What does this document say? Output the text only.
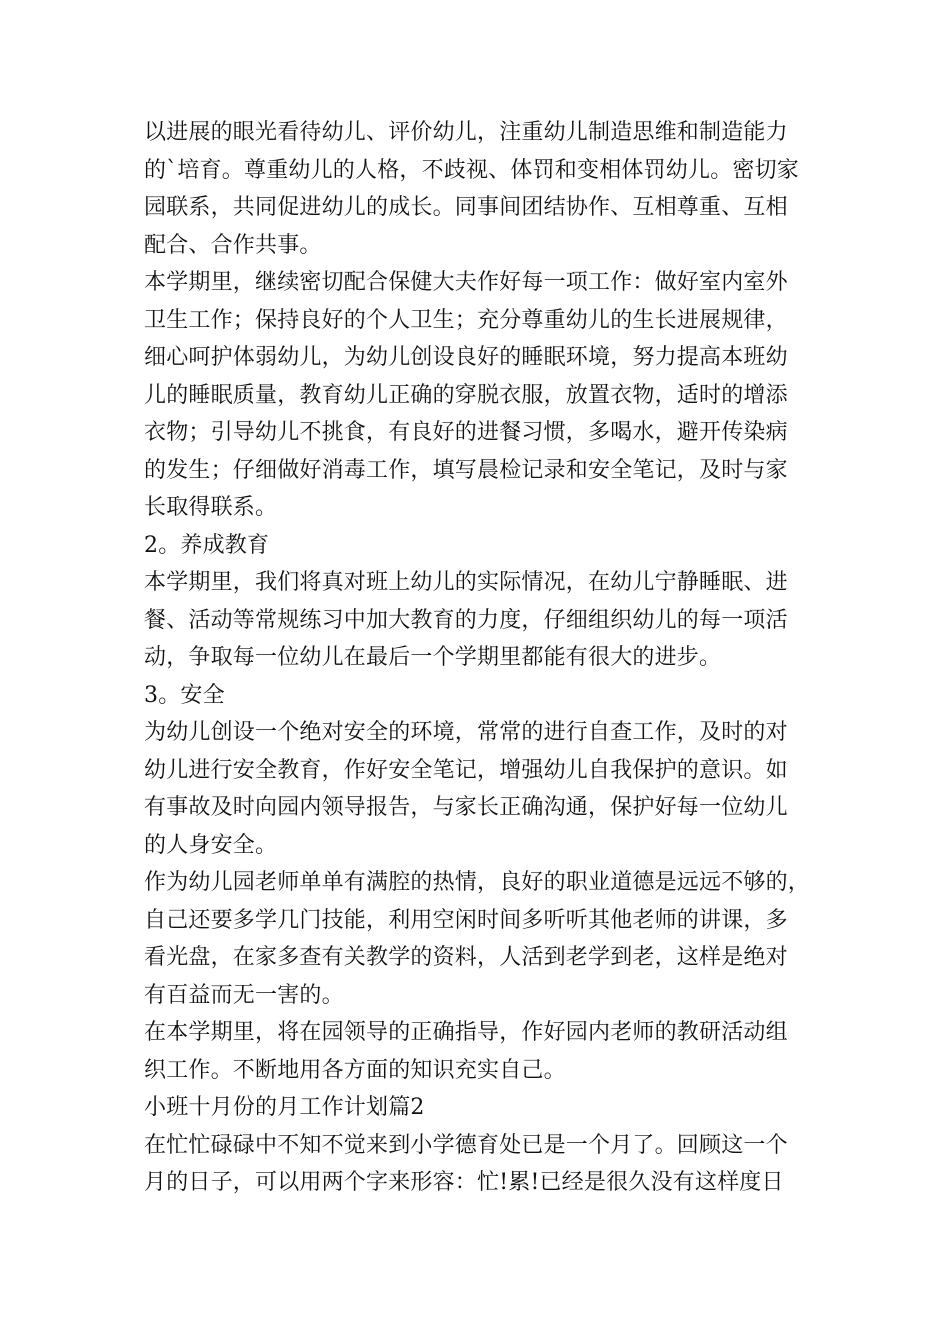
以进展的眼光看待幼儿、评价幼儿，注重幼儿制造思维和制造能力
的`培育。尊重幼儿的人格，不歧视、体罚和变相体罚幼儿。密切家
园联系，共同促进幼儿的成长。同事间团结协作、互相尊重、互相
配合、合作共事。
本学期里，继续密切配合保健大夫作好每一项工作：做好室内室外
卫生工作；保持良好的个人卫生；充分尊重幼儿的生长进展规律，
细心呵护体弱幼儿，为幼儿创设良好的睡眠环境，努力提高本班幼
儿的睡眠质量，教育幼儿正确的穿脱衣服，放置衣物，适时的增添
衣物；引导幼儿不挑食，有良好的进餐习惯，多喝水，避开传染病
的发生；仔细做好消毒工作，填写晨检记录和安全笔记，及时与家
长取得联系。
2。养成教育
本学期里，我们将真对班上幼儿的实际情况，在幼儿宁静睡眠、进
餐、活动等常规练习中加大教育的力度，仔细组织幼儿的每一项活
动，争取每一位幼儿在最后一个学期里都能有很大的进步。
3。安全
为幼儿创设一个绝对安全的环境，常常的进行自查工作，及时的对
幼儿进行安全教育，作好安全笔记，增强幼儿自我保护的意识。如
有事故及时向园内领导报告，与家长正确沟通，保护好每一位幼儿
的人身安全。
作为幼儿园老师单单有满腔的热情，良好的职业道德是远远不够的，
自己还要多学几门技能，利用空闲时间多听听其他老师的讲课，多
看光盘，在家多查有关教学的资料，人活到老学到老，这样是绝对
有百益而无一害的。
在本学期里，将在园领导的正确指导，作好园内老师的教研活动组
织工作。不断地用各方面的知识充实自己。
小班十月份的月工作计划篇2
在忙忙碌碌中不知不觉来到小学德育处已是一个月了。回顾这一个
月的日子，可以用两个字来形容：忙!累!已经是很久没有这样度日
